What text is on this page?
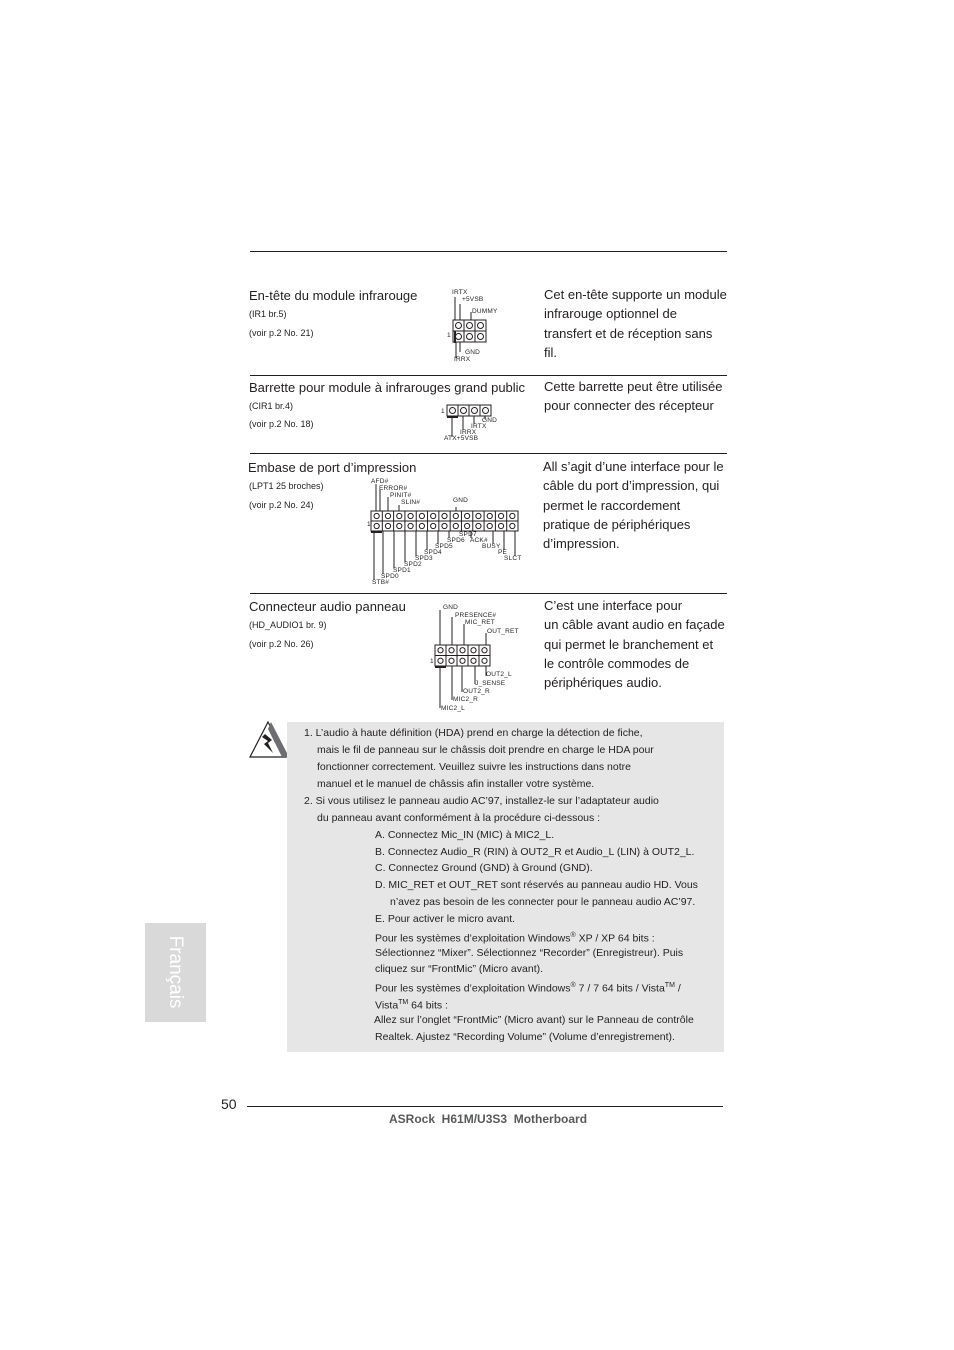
En-tête du module infrarouge
(IR1 br.5)
(voir p.2 No. 21)
Cet en-tête supporte un module
infrarouge optionnel de
transfert et de réception sans
fil.
IRTX
+5VSB
DUMMY
1
GND
IRRX
Barrette pour module à infrarouges grand public
(CIR1 br.4)
(voir p.2 No. 18)
Cette barrette peut être utilisée
pour connecter des récepteur
1
GND
IRTX
IRRX
ATX+5VSB
Embase de port d’impression
(LPT1 25 broches)
(voir p.2 No. 24)
All s’agit d’une interface pour le
câble du port d’impression, qui
permet le raccordement
pratique de périphériques
d’impression.
AFD#
ERROR#
PINIT#
SLIN#	GND
1
SPD7
SPD6 ACK#
SPD5
SPD4
BUSY
PE
SLCT
SPD3
SPD2
SPD1
SPD0
STB#
Connecteur audio panneau
(HD_AUDIO1 br. 9)
(voir p.2 No. 26)
C’est une interface pour
un câble avant audio en façade
qui permet le branchement et
le contrôle commodes de
périphériques audio.
GND
PRESENCE#
MIC_RET
OUT_RET
1
OUT2_L
J_SENSE
OUT2_R
MIC2_R
MIC2_L
1. L’audio à haute définition (HDA) prend en charge la détection de fiche,
mais le fil de panneau sur le châssis doit prendre en charge le HDA pour
fonctionner correctement. Veuillez suivre les instructions dans notre
manuel et le manuel de châssis afin installer votre système.
2. Si vous utilisez le panneau audio AC’97, installez-le sur l’adaptateur audio
du panneau avant conformément à la procédure ci-dessous :
A. Connectez Mic_IN (MIC) à MIC2_L.
B. Connectez Audio_R (RIN) à OUT2_R et Audio_L (LIN) à OUT2_L.
C. Connectez Ground (GND) à Ground (GND).
D. MIC_RET et OUT_RET sont réservés au panneau audio HD. Vous
n’avez pas besoin de les connecter pour le panneau audio AC’97.
E. Pour activer le micro avant.
Pour les systèmes d’exploitation Windows® XP / XP 64 bits :
Sélectionnez “Mixer”. Sélectionnez “Recorder” (Enregistreur). Puis
cliquez sur “FrontMic” (Micro avant).
Pour les systèmes d’exploitation Windows® 7 / 7 64 bits / Vista™ /
Vista™ 64 bits :
Allez sur l’onglet “FrontMic” (Micro avant) sur le Panneau de contrôle
Realtek. Ajustez “Recording Volume” (Volume d’enregistrement).
Français
50
ASRock  H61M/U3S3  Motherboard
